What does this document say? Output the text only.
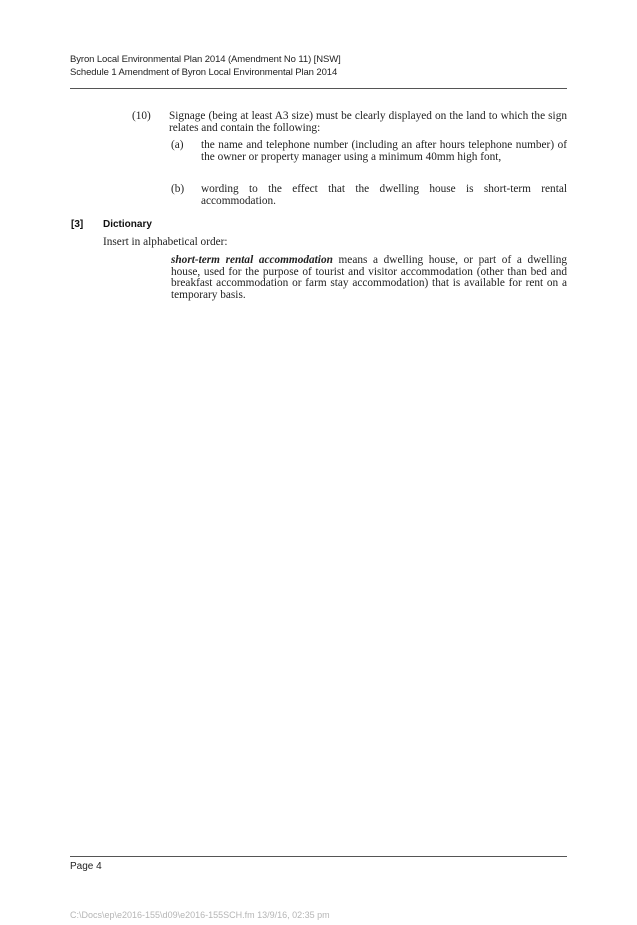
Byron Local Environmental Plan 2014 (Amendment No 11) [NSW]
Schedule 1 Amendment of Byron Local Environmental Plan 2014
(10) Signage (being at least A3 size) must be clearly displayed on the land to which the sign relates and contain the following:
(a) the name and telephone number (including an after hours telephone number) of the owner or property manager using a minimum 40mm high font,
(b) wording to the effect that the dwelling house is short-term rental accommodation.
[3] Dictionary
Insert in alphabetical order:
short-term rental accommodation means a dwelling house, or part of a dwelling house, used for the purpose of tourist and visitor accommodation (other than bed and breakfast accommodation or farm stay accommodation) that is available for rent on a temporary basis.
Page 4
C:\Docs\ep\e2016-155\d09\e2016-155SCH.fm 13/9/16, 02:35 pm
